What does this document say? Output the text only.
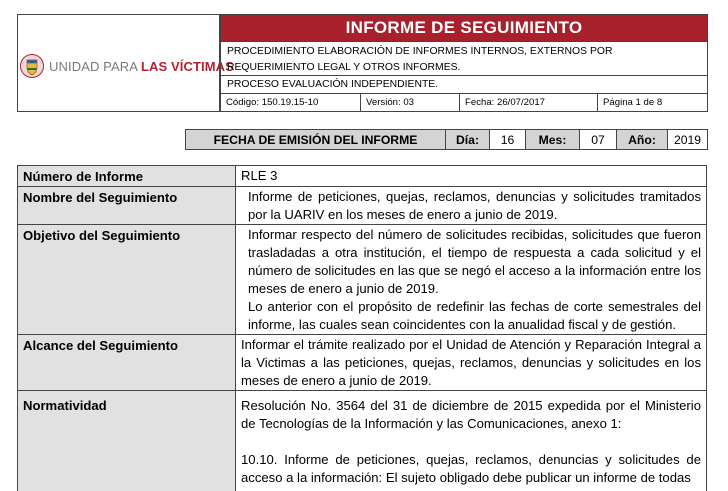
UNIDAD PARA LAS VÍCTIMAS
INFORME DE SEGUIMIENTO
PROCEDIMIENTO ELABORACIÓN DE INFORMES INTERNOS, EXTERNOS POR
REQUERIMIENTO LEGAL Y OTROS INFORMES.
PROCESO EVALUACIÓN INDEPENDIENTE.
Código: 150.19.15-10	Versión: 03	Fecha: 26/07/2017	Página 1 de 8
FECHA DE EMISIÓN DEL INFORME	Día:	16	Mes:	07	Año:	2019
Número de Informe	RLE 3
Nombre del Seguimiento	Informe de peticiones, quejas, reclamos, denuncias y solicitudes tramitados por la UARIV en los meses de enero a junio de 2019.
Objetivo del Seguimiento	Informar respecto del número de solicitudes recibidas, solicitudes que fueron trasladadas a otra institución, el tiempo de respuesta a cada solicitud y el número de solicitudes en las que se negó el acceso a la información entre los meses de enero a junio de 2019.

Lo anterior con el propósito de redefinir las fechas de corte semestrales del informe, las cuales sean coincidentes con la anualidad fiscal y de gestión.

Alcance del Seguimiento	Informar el trámite realizado por el Unidad de Atención y Reparación Integral a la Victimas a las peticiones, quejas, reclamos, denuncias y solicitudes en los meses de enero a junio de 2019.
Normatividad	Resolución No. 3564 del 31 de diciembre de 2015 expedida por el Ministerio de Tecnologías de la Información y las Comunicaciones, anexo 1:

10.10. Informe de peticiones, quejas, reclamos, denuncias y solicitudes de acceso a la información: El sujeto obligado debe publicar un informe de todas
